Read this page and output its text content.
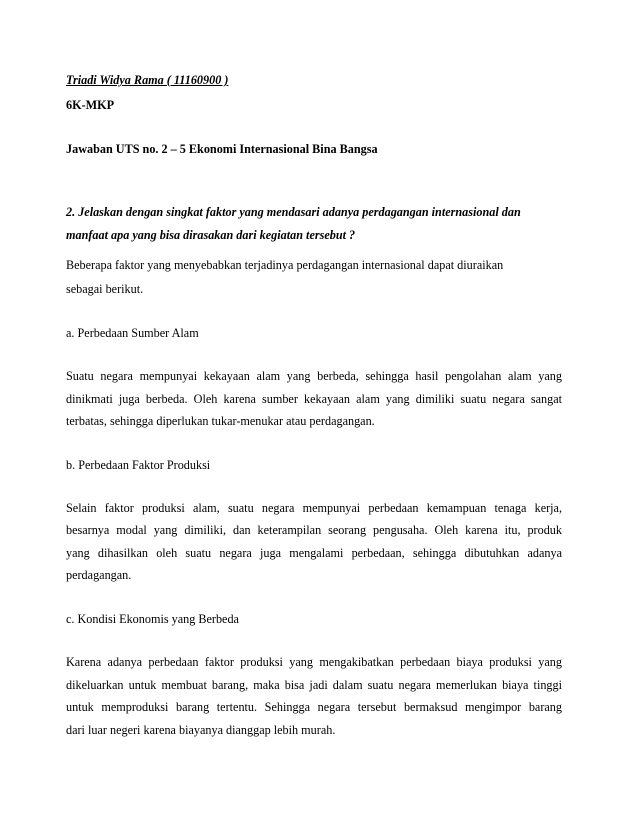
Triadi Widya Rama ( 11160900 )

6K-MKP

Jawaban UTS no. 2 – 5 Ekonomi Internasional Bina Bangsa

2. Jelaskan dengan singkat faktor yang mendasari adanya perdagangan internasional dan

manfaat apa yang bisa dirasakan dari kegiatan tersebut ?

Beberapa faktor yang menyebabkan terjadinya perdagangan internasional dapat diuraikan

sebagai berikut.

a. Perbedaan Sumber Alam

Suatu negara mempunyai kekayaan alam yang berbeda, sehingga hasil pengolahan alam yang

dinikmati juga berbeda. Oleh karena sumber kekayaan alam yang dimiliki suatu negara sangat

terbatas, sehingga diperlukan tukar-menukar atau perdagangan.

b. Perbedaan Faktor Produksi

Selain faktor produksi alam, suatu negara mempunyai perbedaan kemampuan tenaga kerja,

besarnya modal yang dimiliki, dan keterampilan seorang pengusaha. Oleh karena itu, produk

yang dihasilkan oleh suatu negara juga mengalami perbedaan, sehingga dibutuhkan adanya

perdagangan.

c. Kondisi Ekonomis yang Berbeda

Karena adanya perbedaan faktor produksi yang mengakibatkan perbedaan biaya produksi yang

dikeluarkan untuk membuat barang, maka bisa jadi dalam suatu negara memerlukan biaya tinggi

untuk memproduksi barang tertentu. Sehingga negara tersebut bermaksud mengimpor barang

dari luar negeri karena biayanya dianggap lebih murah.
